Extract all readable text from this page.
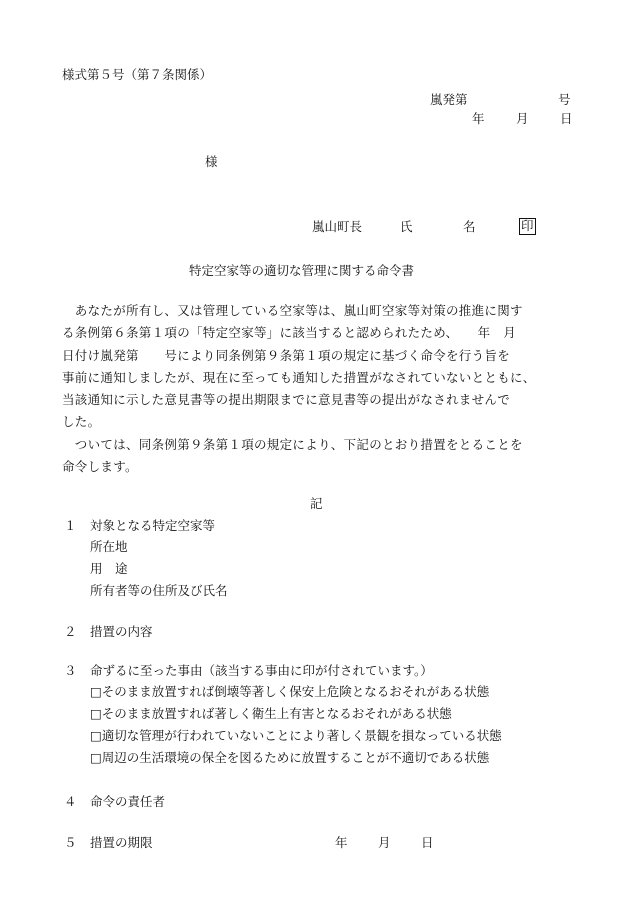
様式第５号（第７条関係）
嵐発第	号
年	月	日
様
嵐山町長	氏	名	印
特定空家等の適切な管理に関する命令書
　あなたが所有し、又は管理している空家等は、嵐山町空家等対策の推進に関す
る条例第６条第１項の「特定空家等」に該当すると認められたため、　　年　月
日付け嵐発第　　号により同条例第９条第１項の規定に基づく命令を行う旨を
事前に通知しましたが、現在に至っても通知した措置がなされていないとともに、
当該通知に示した意見書等の提出期限までに意見書等の提出がなされませんで
した。
　ついては、同条例第９条第１項の規定により、下記のとおり措置をとることを
命令します。
記
１ 対象となる特定空家等
所在地
用　途
所有者等の住所及び氏名
２ 措置の内容
３ 命ずるに至った事由（該当する事由に印が付されています。）
□そのまま放置すれば倒壊等著しく保安上危険となるおそれがある状態
□そのまま放置すれば著しく衛生上有害となるおそれがある状態
□適切な管理が行われていないことにより著しく景観を損なっている状態
□周辺の生活環境の保全を図るために放置することが不適切である状態
４ 命令の責任者
５ 措置の期限	年 月 日
